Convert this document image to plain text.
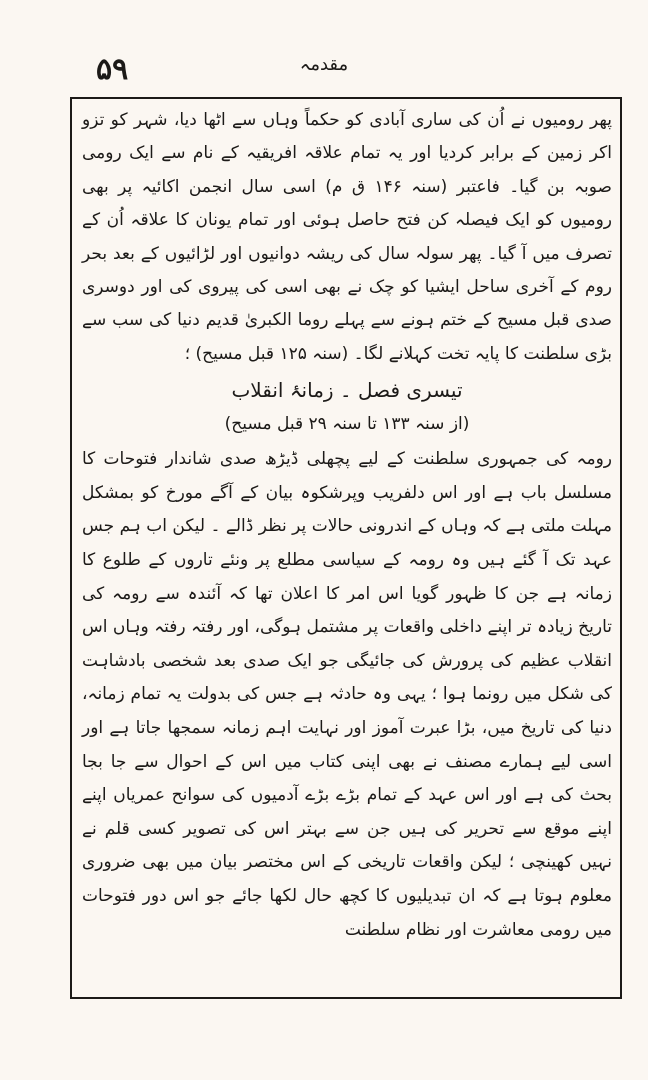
۵۹	مقدمہ

پھر رومیوں نے اُن کی ساری آبادی کو حکماً وہاں سے اٹھا دیا، شہر کو تزو اکر زمین کے برابر کردیا اور یہ تمام علاقہ افریقیہ کے نام سے ایک رومی صوبہ بن گیا۔ فاعتبر (سنہ ۱۴۶ ق م) اسی سال انجمن اکائیہ پر بھی رومیوں کو ایک فیصلہ کن فتح حاصل ہوئی اور تمام یونان کا علاقہ اُن کے تصرف میں آ گیا۔ پھر سولہ سال کی ریشہ دوانیوں اور لڑائیوں کے بعد بحر روم کے آخری ساحل ایشیا کو چک نے بھی اسی کی پیروی کی اور دوسری صدی قبل مسیح کے ختم ہونے سے پہلے روما الکبریٰ قدیم دنیا کی سب سے بڑی سلطنت کا پایہ تخت کہلانے لگا۔ (سنہ ۱۲۵ قبل مسیح) ؛

تیسری فصل ۔ زمانۂ انقلاب

(از سنہ ۱۳۳ تا سنہ ۲۹ قبل مسیح)

رومہ کی جمہوری سلطنت کے لیے پچھلی ڈیڑھ صدی شاندار فتوحات کا مسلسل باب ہے اور اس دلفریب وپرشکوہ بیان کے آگے مورخ کو بمشکل مہلت ملتی ہے کہ وہاں کے اندرونی حالات پر نظر ڈالے ۔ لیکن اب ہم جس عہد تک آ گئے ہیں وہ رومہ کے سیاسی مطلع پر ونئے تاروں کے طلوع کا زمانہ ہے جن کا ظہور گویا اس امر کا اعلان تھا کہ آئندہ سے رومہ کی تاریخ زیادہ تر اپنے داخلی واقعات پر مشتمل ہوگی، اور رفتہ رفتہ وہاں اس انقلاب عظیم کی پرورش کی جائیگی جو ایک صدی بعد شخصی بادشاہت کی شکل میں رونما ہوا ؛ یہی وہ حادثہ ہے جس کی بدولت یہ تمام زمانہ، دنیا کی تاریخ میں، بڑا عبرت آموز اور نہایت اہم زمانہ سمجھا جاتا ہے اور اسی لیے ہمارے مصنف نے بھی اپنی کتاب میں اس کے احوال سے جا بجا بحث کی ہے اور اس عہد کے تمام بڑے بڑے آدمیوں کی سوانح عمریاں اپنے اپنے موقع سے تحریر کی ہیں جن سے بہتر اس کی تصویر کسی قلم نے نہیں کھینچی ؛ لیکن واقعات تاریخی کے اس مختصر بیان میں بھی ضروری معلوم ہوتا ہے کہ ان تبدیلیوں کا کچھ حال لکھا جائے جو اس دور فتوحات میں رومی معاشرت اور نظام سلطنت
